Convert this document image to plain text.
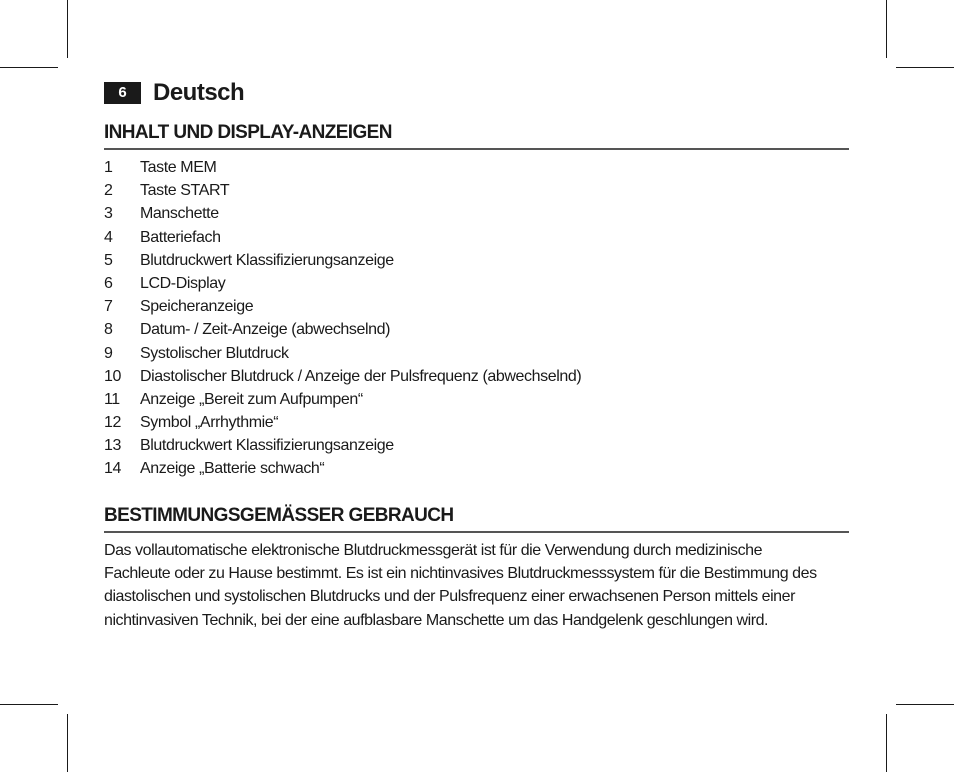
6	Deutsch
INHALT UND DISPLAY-ANZEIGEN
1	Taste MEM
2	Taste START
3	Manschette
4	Batteriefach
5	Blutdruckwert Klassifizierungsanzeige
6	LCD-Display
7	Speicheranzeige
8	Datum- / Zeit-Anzeige (abwechselnd)
9	Systolischer Blutdruck
10	Diastolischer Blutdruck / Anzeige der Pulsfrequenz (abwechselnd)
11	Anzeige „Bereit zum Aufpumpen“
12	Symbol „Arrhythmie“
13	Blutdruckwert Klassifizierungsanzeige
14	Anzeige „Batterie schwach“
BESTIMMUNGSGEMÄSSER GEBRAUCH
Das vollautomatische elektronische Blutdruckmessgerät ist für die Verwendung durch medizinische
Fachleute oder zu Hause bestimmt. Es ist ein nichtinvasives Blutdruckmesssystem für die Bestimmung des
diastolischen und systolischen Blutdrucks und der Pulsfrequenz einer erwachsenen Person mittels einer
nichtinvasiven Technik, bei der eine aufblasbare Manschette um das Handgelenk geschlungen wird.
